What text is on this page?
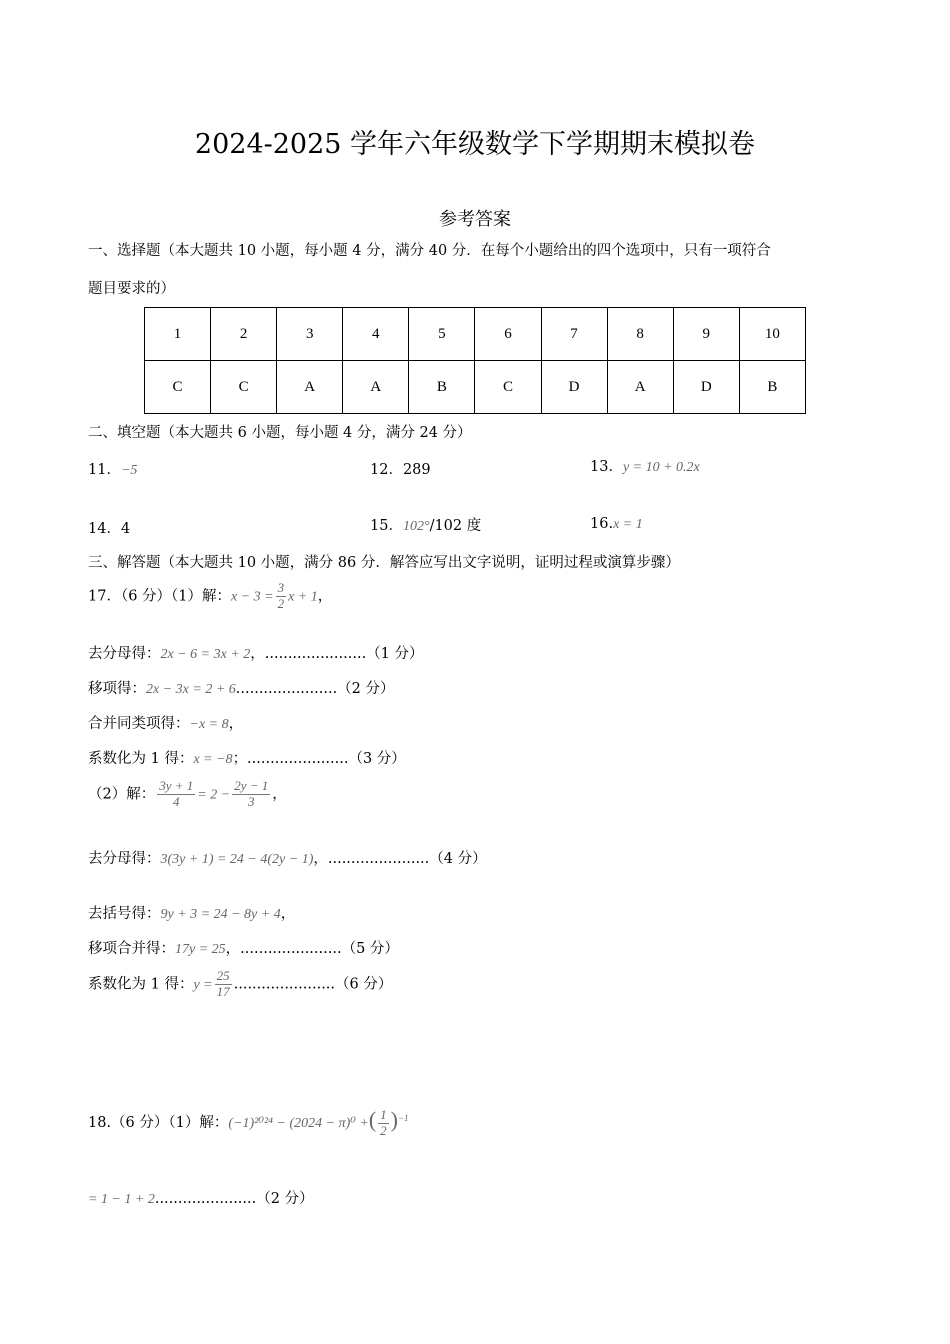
2024-2025 学年六年级数学下学期期末模拟卷
参考答案
一、选择题（本大题共 10 小题，每小题 4 分，满分 40 分．在每个小题给出的四个选项中，只有一项符合
题目要求的）
1	2	3	4	5	6	7	8	9	10
C	C	A	A	B	C	D	A	D	B
二、填空题（本大题共 6 小题，每小题 4 分，满分 24 分）
11．−5	12．289	13．y = 10 + 0.2x
14．4	15．102°/102 度	16.x = 1
三、解答题（本大题共 10 小题，满分 86 分．解答应写出文字说明，证明过程或演算步骤）
17．（6 分）（1）解：$x - 3 = \frac{3}{2}$ x + 1，
去分母得：2x − 6 = 3x + 2，......................（1 分）
移项得：2x − 3x = 2 + 6......................（2 分）
合并同类项得：−x = 8，
系数化为 1 得：x = −8；......................（3 分）
（2）解： $\frac{3y + 1}{4} = 2 - \frac{2y - 1}{3}$ ，
去分母得：3(3y + 1) = 24 − 4(2y − 1)，......................（4 分）
去括号得：9y + 3 = 24 − 8y + 4，
移项合并得：17y = 25，......................（5 分）
系数化为 1 得：$y = \frac{25}{17} ......................(6$ 分）
18.（6 分）（1）解：(−1)²⁰²⁴ − (2024 − π)⁰ +( $\frac{1}{2} )^{-1}$
= 1 − 1 + 2......................（2 分）
